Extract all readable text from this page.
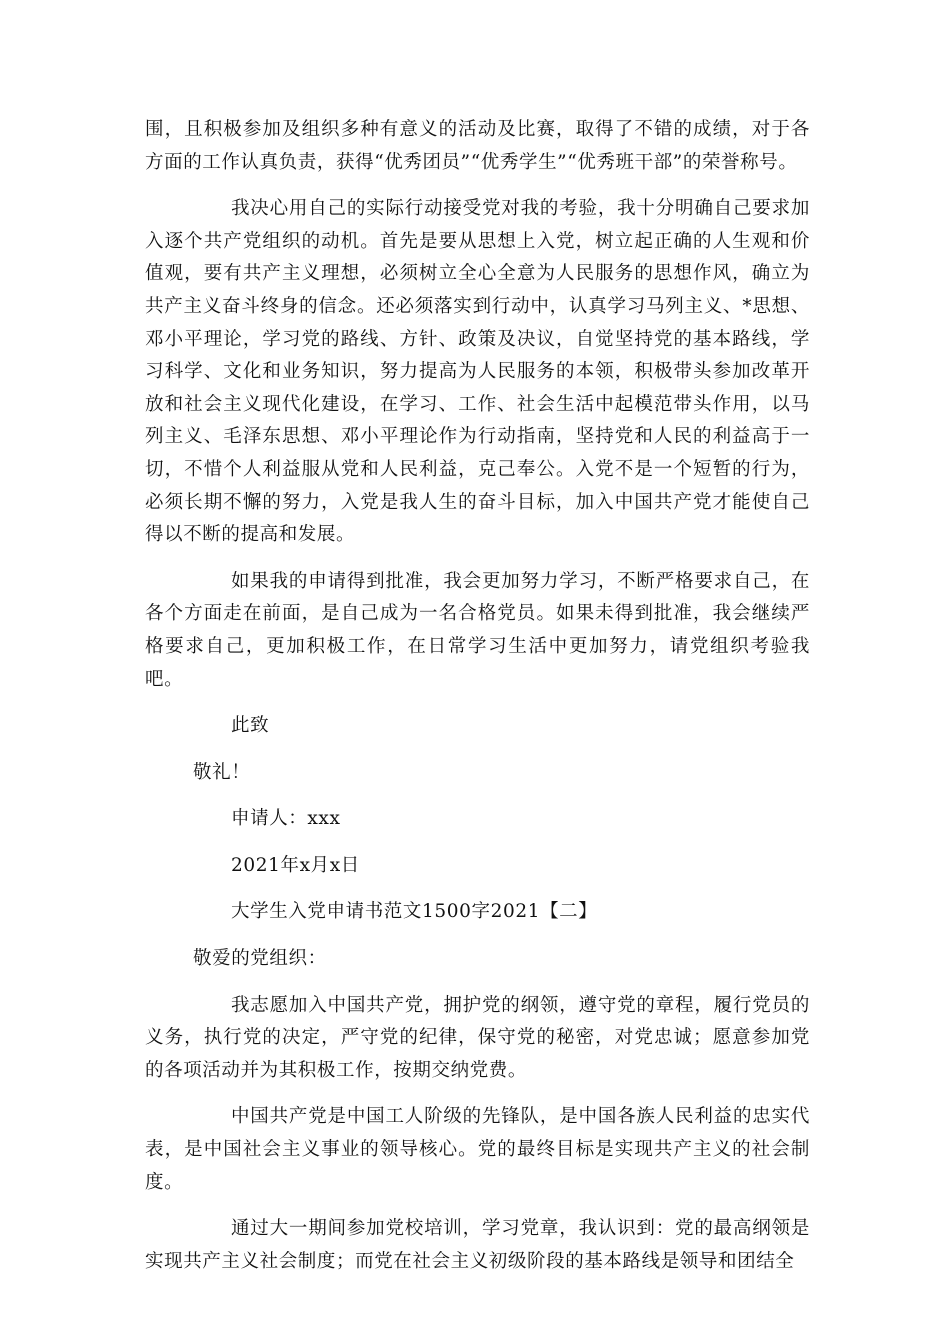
围，且积极参加及组织多种有意义的活动及比赛，取得了不错的成绩，对于各方面的工作认真负责，获得“优秀团员”“优秀学生”“优秀班干部”的荣誉称号。

我决心用自己的实际行动接受党对我的考验，我十分明确自己要求加入逐个共产党组织的动机。首先是要从思想上入党，树立起正确的人生观和价值观，要有共产主义理想，必须树立全心全意为人民服务的思想作风，确立为共产主义奋斗终身的信念。还必须落实到行动中，认真学习马列主义、*思想、邓小平理论，学习党的路线、方针、政策及决议，自觉坚持党的基本路线，学习科学、文化和业务知识，努力提高为人民服务的本领，积极带头参加改革开放和社会主义现代化建设，在学习、工作、社会生活中起模范带头作用，以马列主义、毛泽东思想、邓小平理论作为行动指南，坚持党和人民的利益高于一切，不惜个人利益服从党和人民利益，克己奉公。入党不是一个短暂的行为，必须长期不懈的努力，入党是我人生的奋斗目标，加入中国共产党才能使自己得以不断的提高和发展。

如果我的申请得到批准，我会更加努力学习，不断严格要求自己，在各个方面走在前面，是自己成为一名合格党员。如果未得到批准，我会继续严格要求自己，更加积极工作，在日常学习生活中更加努力，请党组织考验我吧。

此致

敬礼！

申请人：xxx

2021年x月x日

大学生入党申请书范文1500字2021【二】

敬爱的党组织：

我志愿加入中国共产党，拥护党的纲领，遵守党的章程，履行党员的义务，执行党的决定，严守党的纪律，保守党的秘密，对党忠诚；愿意参加党的各项活动并为其积极工作，按期交纳党费。

中国共产党是中国工人阶级的先锋队，是中国各族人民利益的忠实代表，是中国社会主义事业的领导核心。党的最终目标是实现共产主义的社会制度。

通过大一期间参加党校培训，学习党章，我认识到：党的最高纲领是实现共产主义社会制度；而党在社会主义初级阶段的基本路线是领导和团结全
